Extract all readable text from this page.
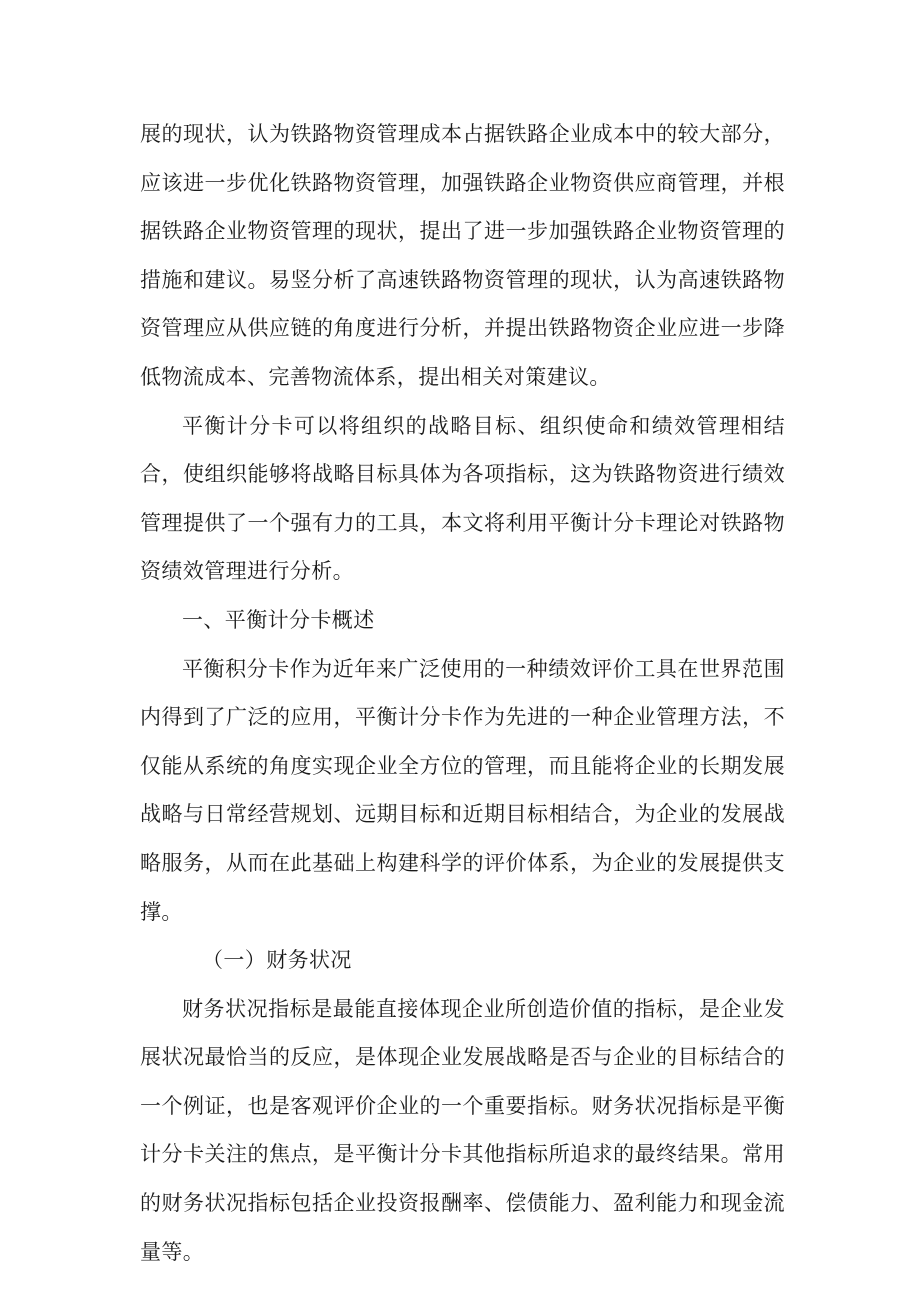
展的现状，认为铁路物资管理成本占据铁路企业成本中的较大部分，应该进一步优化铁路物资管理，加强铁路企业物资供应商管理，并根据铁路企业物资管理的现状，提出了进一步加强铁路企业物资管理的措施和建议。易竖分析了高速铁路物资管理的现状，认为高速铁路物资管理应从供应链的角度进行分析，并提出铁路物资企业应进一步降低物流成本、完善物流体系，提出相关对策建议。

平衡计分卡可以将组织的战略目标、组织使命和绩效管理相结合，使组织能够将战略目标具体为各项指标，这为铁路物资进行绩效管理提供了一个强有力的工具，本文将利用平衡计分卡理论对铁路物资绩效管理进行分析。

一、平衡计分卡概述

平衡积分卡作为近年来广泛使用的一种绩效评价工具在世界范围内得到了广泛的应用，平衡计分卡作为先进的一种企业管理方法，不仅能从系统的角度实现企业全方位的管理，而且能将企业的长期发展战略与日常经营规划、远期目标和近期目标相结合，为企业的发展战略服务，从而在此基础上构建科学的评价体系，为企业的发展提供支撑。

（一）财务状况

财务状况指标是最能直接体现企业所创造价值的指标，是企业发展状况最恰当的反应，是体现企业发展战略是否与企业的目标结合的一个例证，也是客观评价企业的一个重要指标。财务状况指标是平衡计分卡关注的焦点，是平衡计分卡其他指标所追求的最终结果。常用的财务状况指标包括企业投资报酬率、偿债能力、盈利能力和现金流量等。
